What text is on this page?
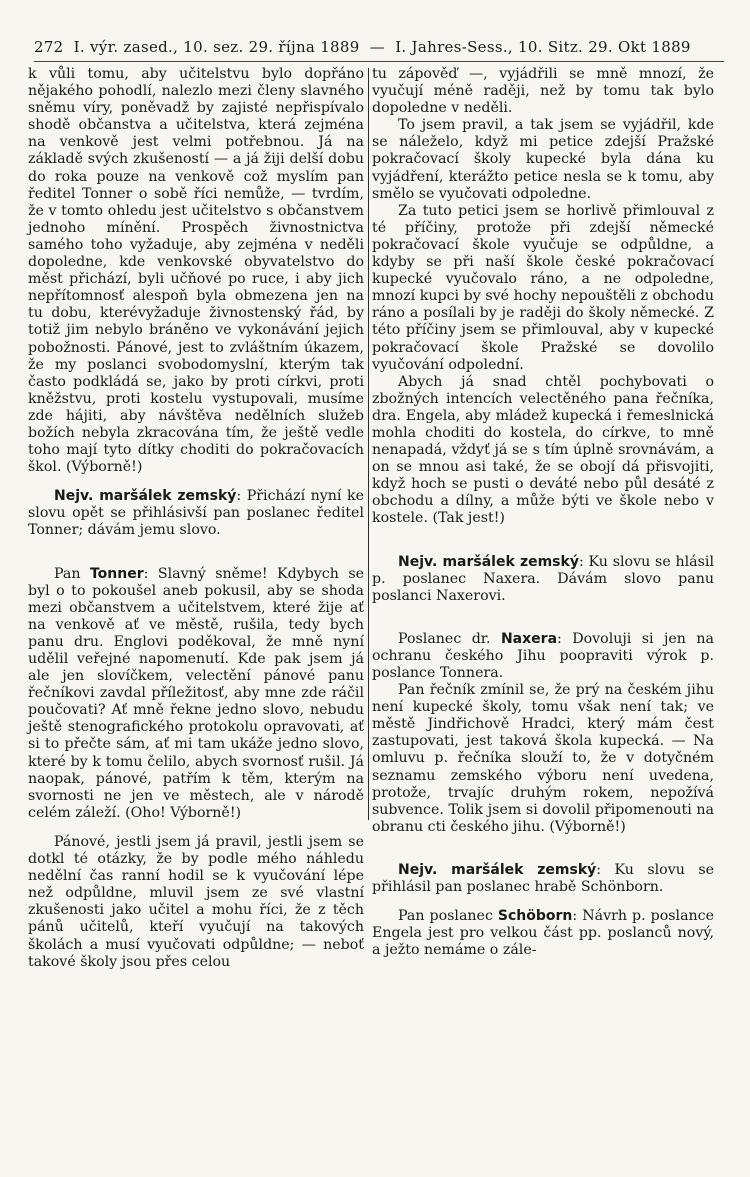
272 I. výr. zased., 10. sez. 29. října 1889 — I. Jahres-Sess., 10. Sitz. 29. Okt 1889

k vůli tomu, aby učitelstvu bylo dopřáno nějakého pohodlí, nalezlo mezi členy slavného sněmu víry, poněvadž by zajisté nepřispívalo shodě občanstva a učitelstva, která zejména na venkově jest velmi potřebnou. Já na základě svých zkušeností — a já žiji delší dobu do roka pouze na venkově což myslím pan ředitel Tonner o sobě říci nemůže, — tvrdím, že v tomto ohledu jest učitelstvo s občanstvem jednoho mínění. Prospěch živnostnictva samého toho vyžaduje, aby zejména v neděli dopoledne, kde venkovské obyvatelstvo do měst přichází, byli učňové po ruce, i aby jich nepřítomnosť alespoň byla obmezena jen na tu dobu, kterévyžaduje živnostenský řád, by totiž jim nebylo bráněno ve vykonávání jejich pobožnosti. Pánové, jest to zvláštním úkazem, že my poslanci svobodomyslní, kterým tak často podkládá se, jako by proti církvi, proti kněžstvu, proti kostelu vystupovali, musíme zde hájiti, aby návštěva nedělních služeb božích nebyla zkracována tím, že ještě vedle toho mají tyto dítky choditi do pokračovacích škol. (Výborně!)

Nejv. maršálek zemský: Přichází nyní ke slovu opět se přihlásivší pan poslanec ředitel Tonner; dávám jemu slovo.

Pan Tonner: Slavný sněme! Kdybych se byl o to pokoušel aneb pokusil, aby se shoda mezi občanstvem a učitelstvem, které žije ať na venkově ať ve městě, rušila, tedy bych panu dru. Englovi poděkoval, že mně nyní udělil veřejné napomenutí. Kde pak jsem já ale jen slovíčkem, velectění pánové panu řečníkovi zavdal příležitosť, aby mne zde ráčil poučovati? Ať mně řekne jedno slovo, nebudu ještě stenografického protokolu opravovati, ať si to přečte sám, ať mi tam ukáže jedno slovo, které by k tomu čelilo, abych svornosť rušil. Já naopak, pánové, patřím k těm, kterým na svornosti ne jen ve městech, ale v národě celém záleží. (Oho! Výborně!)

Pánové, jestli jsem já pravil, jestli jsem se dotkl té otázky, že by podle mého náhledu nedělní čas ranní hodil se k vyučování lépe než odpůldne, mluvil jsem ze své vlastní zkušenosti jako učitel a mohu říci, že z těch pánů učitelů, kteří vyučují na takových školách a musí vyučovati odpůldne; — neboť takové školy jsou přes celou

tu zápověď —, vyjádřili se mně mnozí, že vyučují méně raději, než by tomu tak bylo dopoledne v neděli.

To jsem pravil, a tak jsem se vyjádřil, kde se náleželo, když mi petice zdejší Pražské pokračovací školy kupecké byla dána ku vyjádření, kterážto petice nesla se k tomu, aby smělo se vyučovati odpoledne.

Za tuto petici jsem se horlivě přimlouval z té příčiny, protože při zdejší německé pokračovací škole vyučuje se odpůldne, a kdyby se při naší škole české pokračovací kupecké vyučovalo ráno, a ne odpoledne, mnozí kupci by své hochy nepouštěli z obchodu ráno a posílali by je raději do školy německé. Z této příčiny jsem se přimlouval, aby v kupecké pokračovací škole Pražské se dovolilo vyučování odpolední.

Abych já snad chtěl pochybovati o zbožných intencích velectěného pana řečníka, dra. Engela, aby mládež kupecká i řemeslnická mohla choditi do kostela, do církve, to mně nenapadá, vždyť já se s tím úplně srovnávám, a on se mnou asi také, že se obojí dá přisvojiti, když hoch se pusti o deváté nebo půl desáté z obchodu a dílny, a může býti ve škole nebo v kostele. (Tak jest!)

Nejv. maršálek zemský: Ku slovu se hlásil p. poslanec Naxera. Dávám slovo panu poslanci Naxerovi.

Poslanec dr. Naxera: Dovoluji si jen na ochranu českého Jihu poopraviti výrok p. poslance Tonnera.

Pan řečník zmínil se, že prý na českém jihu není kupecké školy, tomu však není tak; ve městě Jindřichově Hradci, který mám čest zastupovati, jest taková škola kupecká. — Na omluvu p. řečníka slouží to, že v dotyčném seznamu zemského výboru není uvedena, protože, trvajíc druhým rokem, nepožívá subvence. Tolik jsem si dovolil připomenouti na obranu cti českého jihu. (Výborně!)

Nejv. maršálek zemský: Ku slovu se přihlásil pan poslanec hrabě Schönborn.

Pan poslanec Schöborn: Návrh p. poslance Engela jest pro velkou část pp. poslanců nový, a ježto nemáme o zále-
